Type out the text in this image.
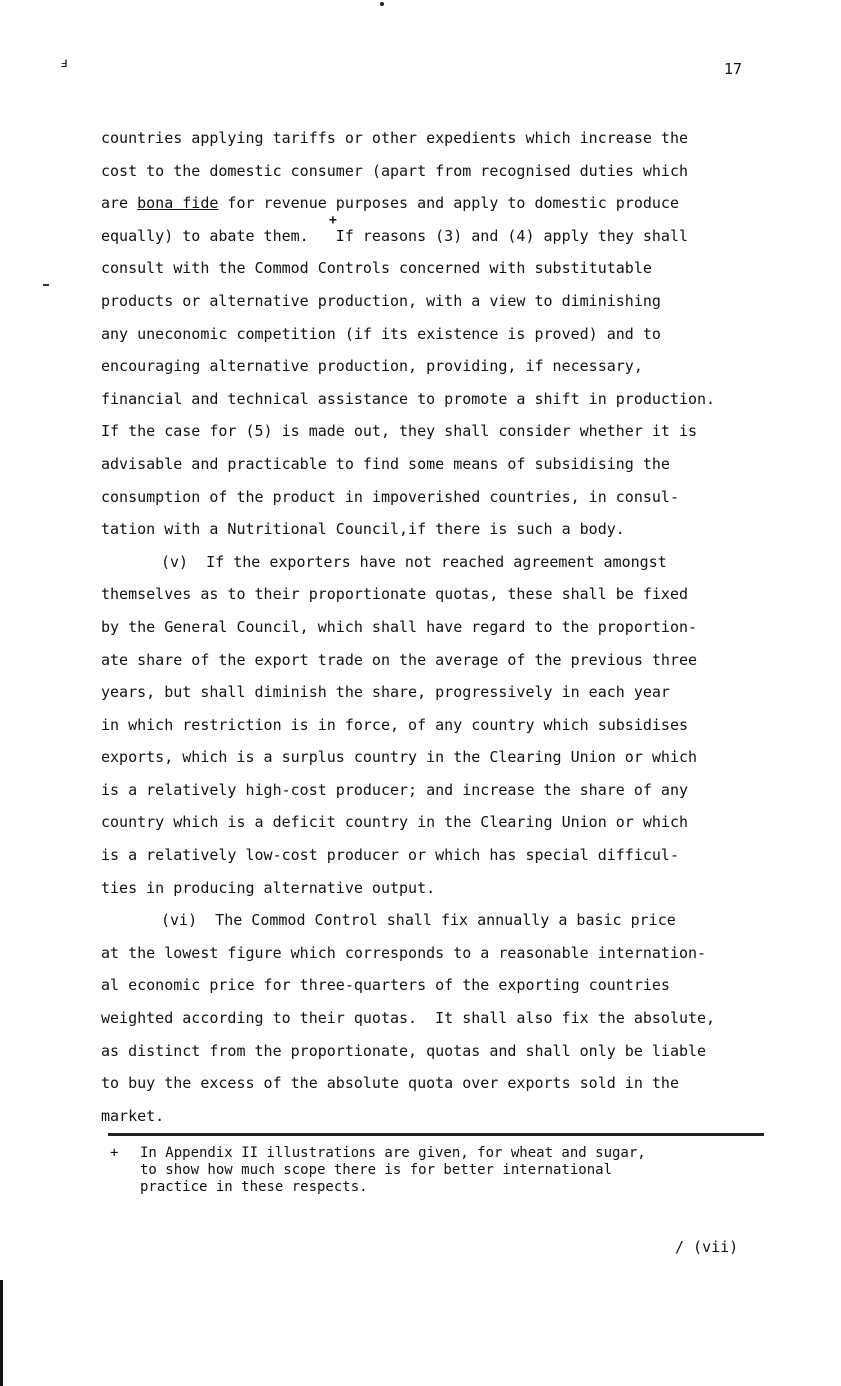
ⅎ	17
+
countries applying tariffs or other expedients which increase the
cost to the domestic consumer (apart from recognised duties which
are bona fide for revenue purposes and apply to domestic produce
equally) to abate them.   If reasons (3) and (4) apply they shall
consult with the Commod Controls concerned with substitutable
products or alternative production, with a view to diminishing
any uneconomic competition (if its existence is proved) and to
encouraging alternative production, providing, if necessary,
financial and technical assistance to promote a shift in production.
If the case for (5) is made out, they shall consider whether it is
advisable and practicable to find some means of subsidising the
consumption of the product in impoverished countries, in consul-
tation with a Nutritional Council,if there is such a body.
(v)  If the exporters have not reached agreement amongst
themselves as to their proportionate quotas, these shall be fixed
by the General Council, which shall have regard to the proportion-
ate share of the export trade on the average of the previous three
years, but shall diminish the share, progressively in each year
in which restriction is in force, of any country which subsidises
exports, which is a surplus country in the Clearing Union or which
is a relatively high-cost producer; and increase the share of any
country which is a deficit country in the Clearing Union or which
is a relatively low-cost producer or which has special difficul-
ties in producing alternative output.
(vi)  The Commod Control shall fix annually a basic price
at the lowest figure which corresponds to a reasonable internation-
al economic price for three-quarters of the exporting countries
weighted according to their quotas.  It shall also fix the absolute,
as distinct from the proportionate, quotas and shall only be liable
to buy the excess of the absolute quota over exports sold in the
market.
+	In Appendix II illustrations are given, for wheat and sugar,
to show how much scope there is for better international
practice in these respects.
/ (vii)
